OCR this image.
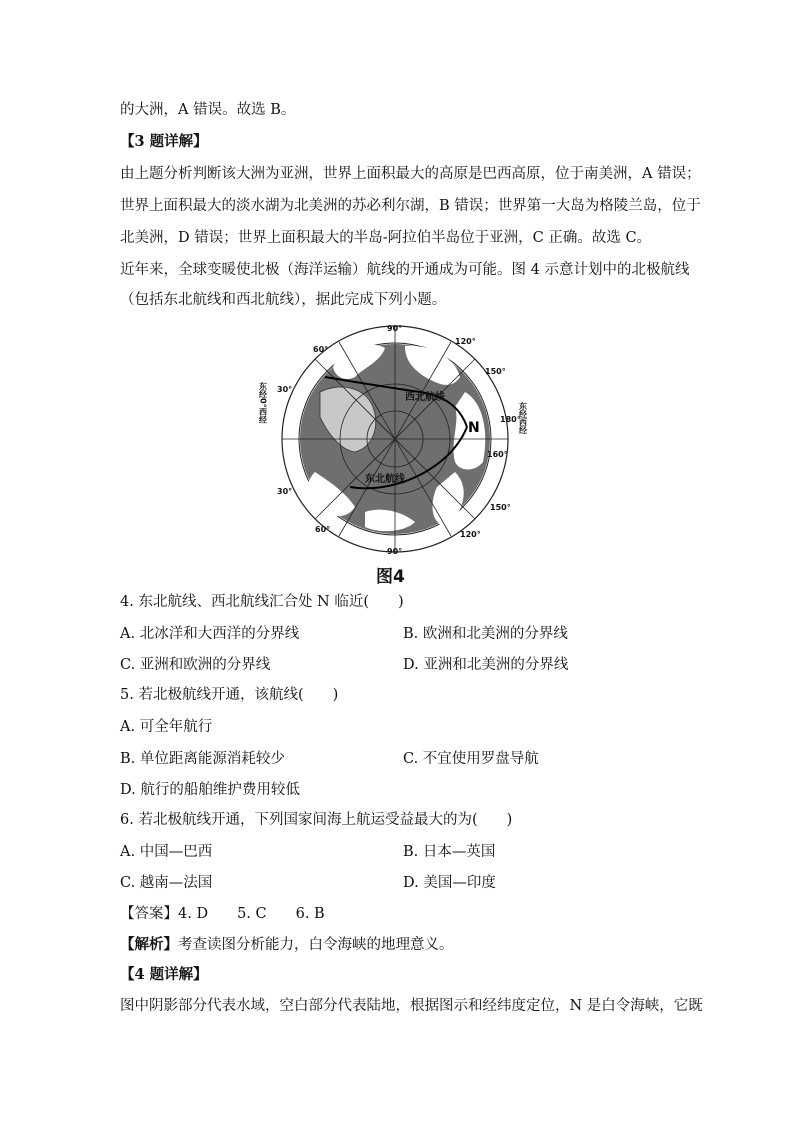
的大洲，A 错误。故选 B。
【3 题详解】
由上题分析判断该大洲为亚洲，世界上面积最大的高原是巴西高原，位于南美洲，A 错误；
世界上面积最大的淡水湖为北美洲的苏必利尔湖，B 错误；世界第一大岛为格陵兰岛，位于
北美洲，D 错误；世界上面积最大的半岛-阿拉伯半岛位于亚洲，C 正确。故选 C。
近年来，全球变暖使北极（海洋运输）航线的开通成为可能。图 4 示意计划中的北极航线
（包括东北航线和西北航线），据此完成下列小题。
西北航线
东北航线
N
90°
60°
30°
30°
60°
90°
120°
150°
180°
160°
150°
120°
东经0°西经	东经西经
图4
4. 东北航线、西北航线汇合处 N 临近(　　)
A. 北冰洋和大西洋的分界线	B. 欧洲和北美洲的分界线
C. 亚洲和欧洲的分界线	D. 亚洲和北美洲的分界线
5. 若北极航线开通，该航线(　　)
A. 可全年航行
B. 单位距离能源消耗较少	C. 不宜使用罗盘导航
D. 航行的船舶维护费用较低
6. 若北极航线开通，下列国家间海上航运受益最大的为(　　)
A. 中国—巴西	B. 日本—英国
C. 越南—法国	D. 美国—印度
【答案】4. D　　5. C　　6. B
【解析】考查读图分析能力，白令海峡的地理意义。
【4 题详解】
图中阴影部分代表水域，空白部分代表陆地，根据图示和经纬度定位，N 是白令海峡，它既
